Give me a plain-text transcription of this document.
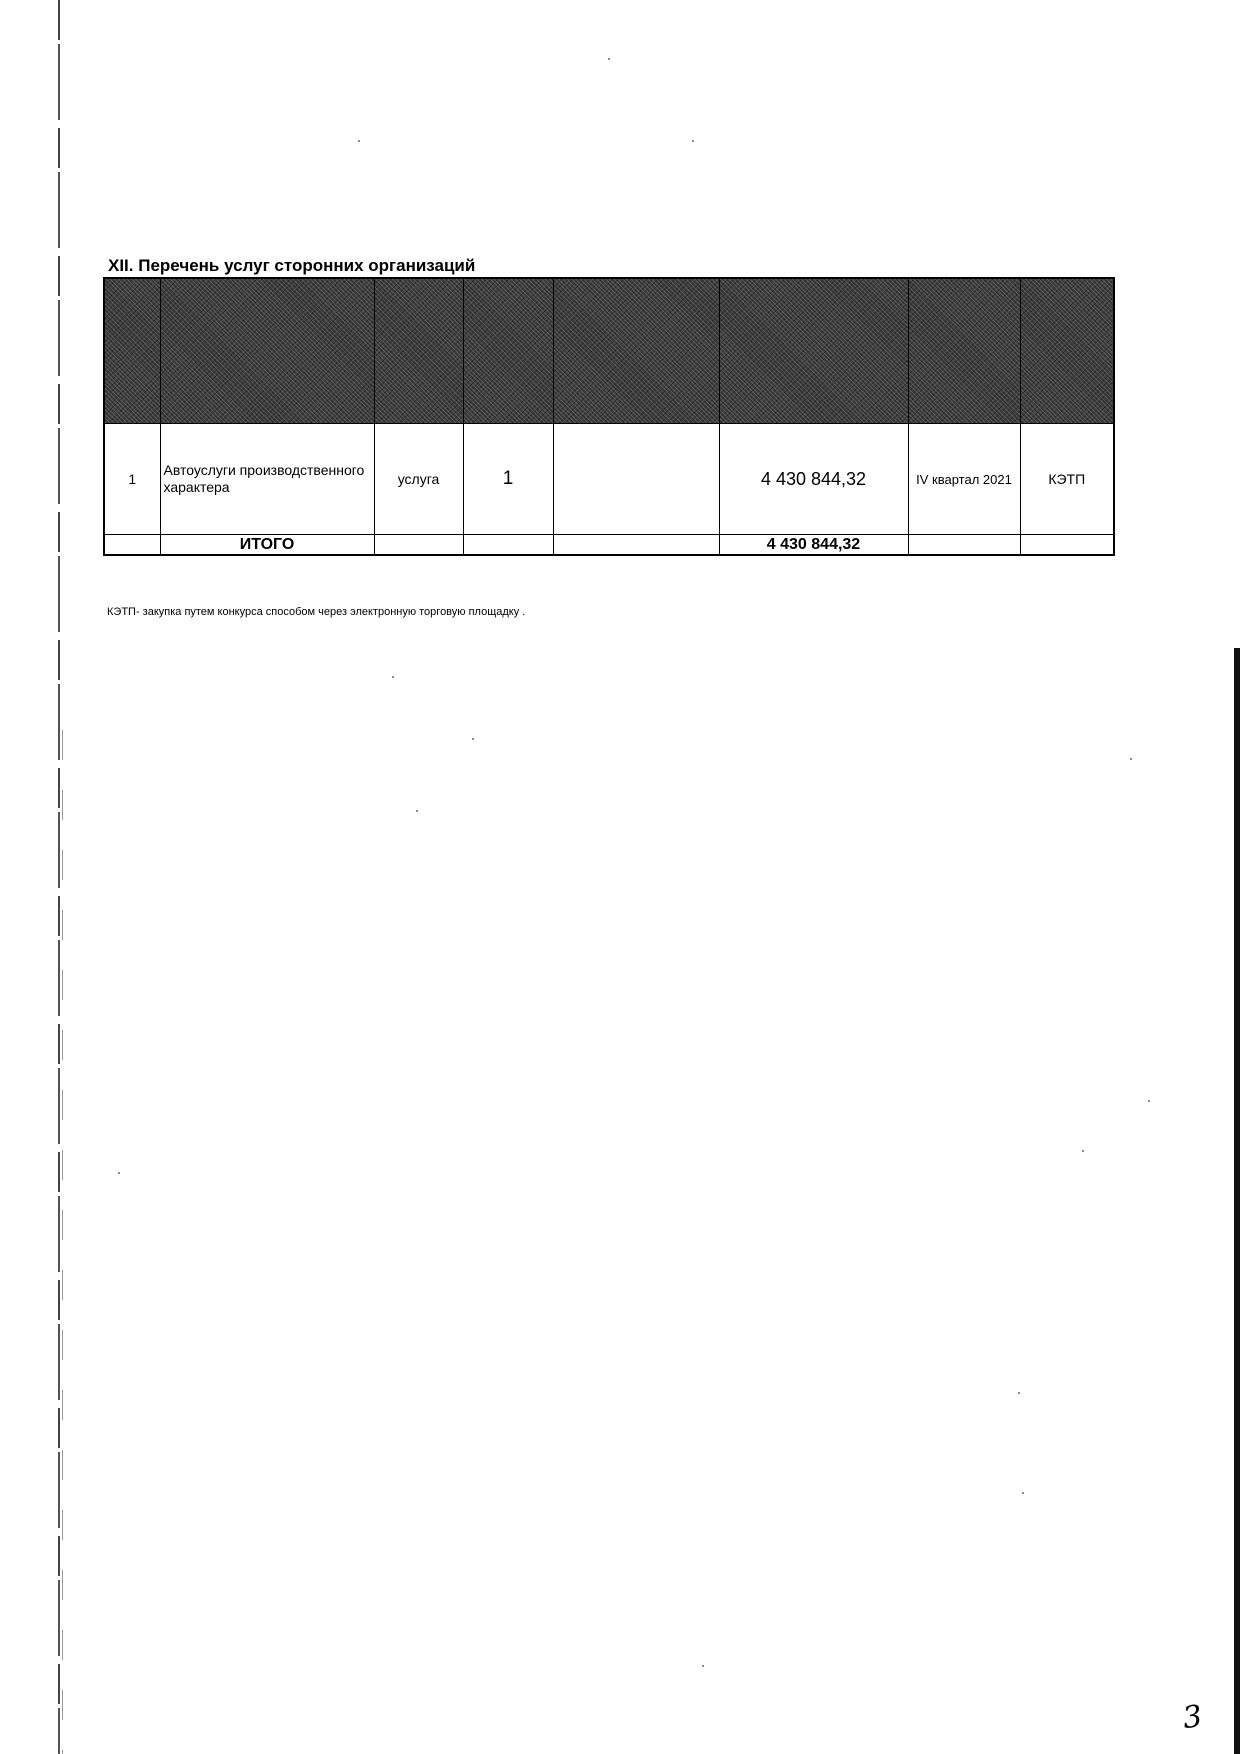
XII. Перечень услуг сторонних организаций

1	Автоуслуги производственного характера	услуга	1		4 430 844,32	IV квартал 2021	КЭТП
	ИТОГО				4 430 844,32		
КЭТП- закупка путем конкурса способом через электронную торговую площадку .
3
